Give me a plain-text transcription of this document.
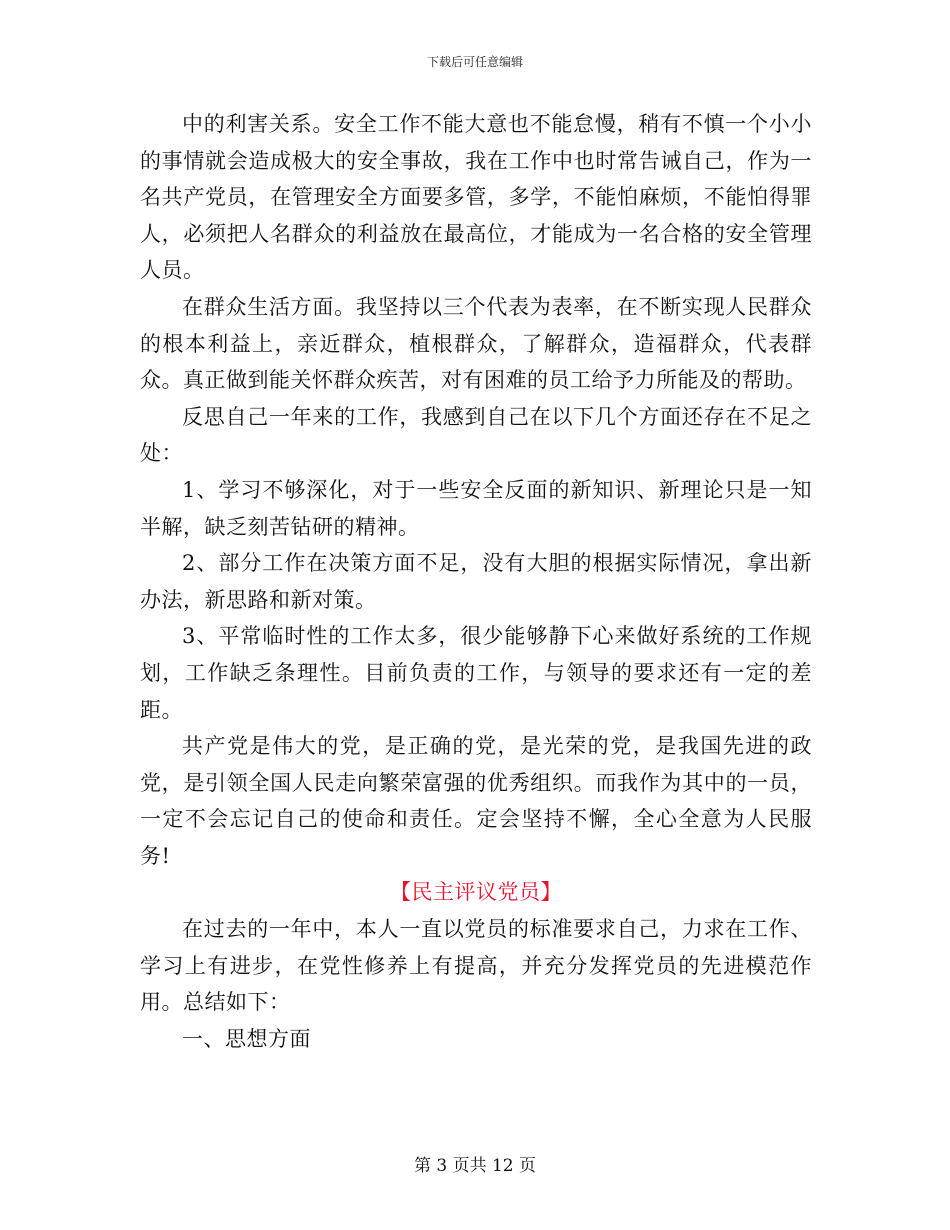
下载后可任意编辑

中的利害关系。安全工作不能大意也不能怠慢，稍有不慎一个小小的事情就会造成极大的安全事故，我在工作中也时常告诫自己，作为一名共产党员，在管理安全方面要多管，多学，不能怕麻烦，不能怕得罪人，必须把人名群众的利益放在最高位，才能成为一名合格的安全管理人员。

在群众生活方面。我坚持以三个代表为表率，在不断实现人民群众的根本利益上，亲近群众，植根群众，了解群众，造福群众，代表群众。真正做到能关怀群众疾苦，对有困难的员工给予力所能及的帮助。

反思自己一年来的工作，我感到自己在以下几个方面还存在不足之处：

1、学习不够深化，对于一些安全反面的新知识、新理论只是一知半解，缺乏刻苦钻研的精神。

2、部分工作在决策方面不足，没有大胆的根据实际情况，拿出新办法，新思路和新对策。

3、平常临时性的工作太多，很少能够静下心来做好系统的工作规划，工作缺乏条理性。目前负责的工作，与领导的要求还有一定的差距。

共产党是伟大的党，是正确的党，是光荣的党，是我国先进的政党，是引领全国人民走向繁荣富强的优秀组织。而我作为其中的一员，一定不会忘记自己的使命和责任。定会坚持不懈，全心全意为人民服务!

【民主评议党员】

在过去的一年中，本人一直以党员的标准要求自己，力求在工作、学习上有进步，在党性修养上有提高，并充分发挥党员的先进模范作用。总结如下：

一、思想方面

第 3 页共 12 页
